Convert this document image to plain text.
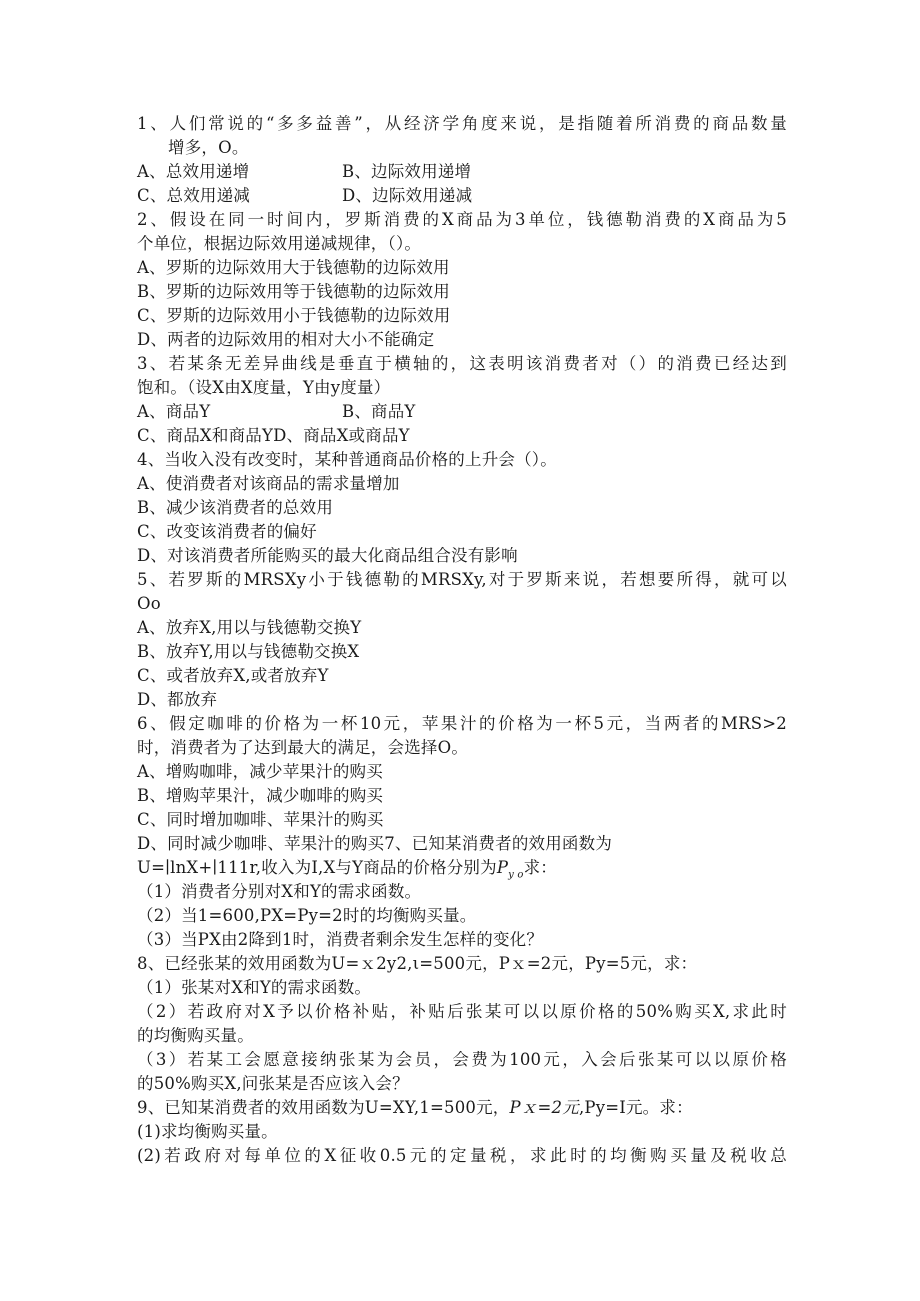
1、人们常说的“多多益善”，从经济学角度来说，是指随着所消费的商品数量
增多，O。
A、总效用递增	B、边际效用递增
C、总效用递减	D、边际效用递减
2、假设在同一时间内，罗斯消费的X商品为3单位，钱德勒消费的X商品为5
个单位，根据边际效用递减规律，（）。
A、罗斯的边际效用大于钱德勒的边际效用
B、罗斯的边际效用等于钱德勒的边际效用
C、罗斯的边际效用小于钱德勒的边际效用
D、两者的边际效用的相对大小不能确定
3、若某条无差异曲线是垂直于横轴的，这表明该消费者对（）的消费已经达到
饱和。（设X由X度量，Y由y度量）
A、商品Y	B、商品Y
C、商品X和商品YD、商品X或商品Y
4、当收入没有改变时，某种普通商品价格的上升会（）。
A、使消费者对该商品的需求量增加
B、减少该消费者的总效用
C、改变该消费者的偏好
D、对该消费者所能购买的最大化商品组合没有影响
5、若罗斯的MRSXy小于钱德勒的MRSXy,对于罗斯来说，若想要所得，就可以
Oo
A、放弃X,用以与钱德勒交换Y
B、放弃Y,用以与钱德勒交换X
C、或者放弃X,或者放弃Y
D、都放弃
6、假定咖啡的价格为一杯10元，苹果汁的价格为一杯5元，当两者的MRS>2
时，消费者为了达到最大的满足，会选择O。
A、增购咖啡，减少苹果汁的购买
B、增购苹果汁，减少咖啡的购买
C、同时增加咖啡、苹果汁的购买
D、同时减少咖啡、苹果汁的购买7、已知某消费者的效用函数为
U=∣lnX+∣111r,收入为I,X与Y商品的价格分别为$P_{y o}$求：
（1）消费者分别对X和Y的需求函数。
（2）当1=600,PX=Py=2时的均衡购买量。
（3）当PX由2降到1时，消费者剩余发生怎样的变化？
8、已经张某的效用函数为U=ｘ2y2,ι=500元，Pｘ=2元，Py=5元，求：
（1）张某对X和Y的需求函数。
（2）若政府对X予以价格补贴，补贴后张某可以以原价格的50%购买X,求此时
的均衡购买量。
（3）若某工会愿意接纳张某为会员，会费为100元，入会后张某可以以原价格
的50%购买X,问张某是否应该入会？
9、已知某消费者的效用函数为U=XY,1=500元，Pｘ=2元,Py=I元。求：
(1)求均衡购买量。
(2)若政府对每单位的X征收0.5元的定量税，求此时的均衡购买量及税收总
